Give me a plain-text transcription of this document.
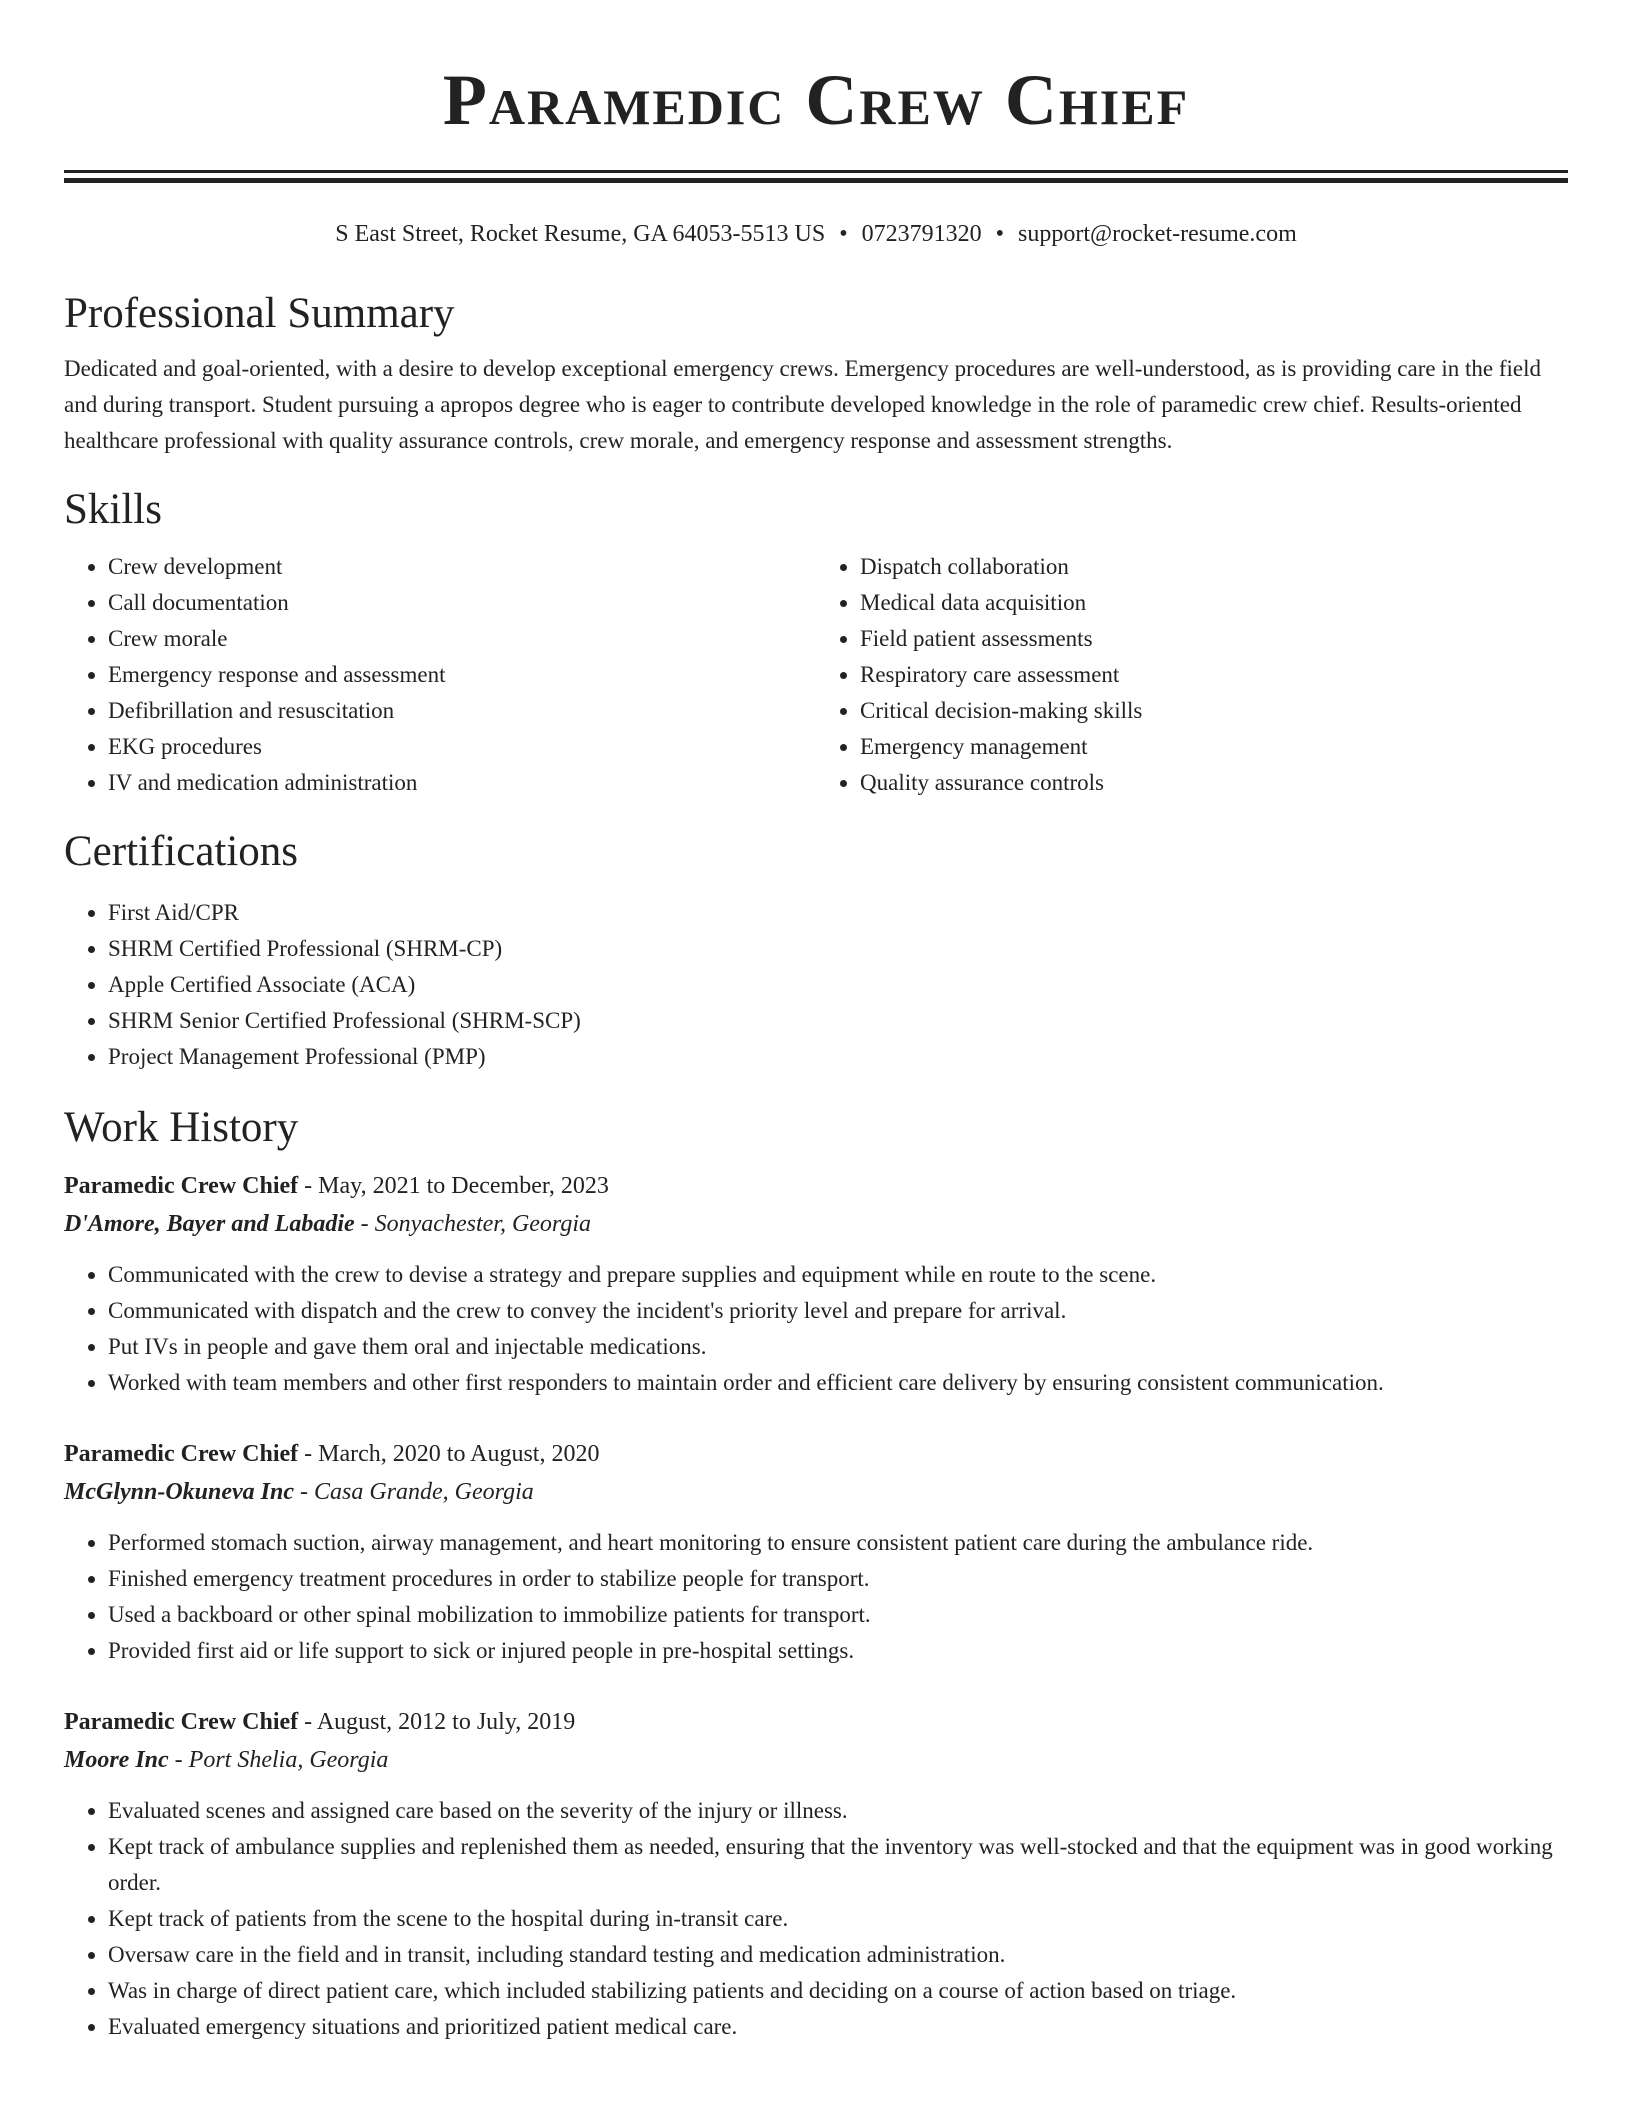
Paramedic Crew Chief
S East Street, Rocket Resume, GA 64053-5513 US • 0723791320 • support@rocket-resume.com
Professional Summary

Dedicated and goal-oriented, with a desire to develop exceptional emergency crews. Emergency procedures are well-understood, as is providing care in the field and during transport. Student pursuing a apropos degree who is eager to contribute developed knowledge in the role of paramedic crew chief. Results-oriented healthcare professional with quality assurance controls, crew morale, and emergency response and assessment strengths.

Skills
• Crew development
• Call documentation
• Crew morale
• Emergency response and assessment
• Defibrillation and resuscitation
• EKG procedures
• IV and medication administration
• Dispatch collaboration
• Medical data acquisition
• Field patient assessments
• Respiratory care assessment
• Critical decision-making skills
• Emergency management
• Quality assurance controls
Certifications
• First Aid/CPR
• SHRM Certified Professional (SHRM-CP)
• Apple Certified Associate (ACA)
• SHRM Senior Certified Professional (SHRM-SCP)
• Project Management Professional (PMP)
Work History
Paramedic Crew Chief - May, 2021 to December, 2023
D'Amore, Bayer and Labadie - Sonyachester, Georgia
• Communicated with the crew to devise a strategy and prepare supplies and equipment while en route to the scene.
• Communicated with dispatch and the crew to convey the incident's priority level and prepare for arrival.
• Put IVs in people and gave them oral and injectable medications.
• Worked with team members and other first responders to maintain order and efficient care delivery by ensuring consistent communication.
Paramedic Crew Chief - March, 2020 to August, 2020
McGlynn-Okuneva Inc - Casa Grande, Georgia
• Performed stomach suction, airway management, and heart monitoring to ensure consistent patient care during the ambulance ride.
• Finished emergency treatment procedures in order to stabilize people for transport.
• Used a backboard or other spinal mobilization to immobilize patients for transport.
• Provided first aid or life support to sick or injured people in pre-hospital settings.
Paramedic Crew Chief - August, 2012 to July, 2019
Moore Inc - Port Shelia, Georgia
• Evaluated scenes and assigned care based on the severity of the injury or illness.
• Kept track of ambulance supplies and replenished them as needed, ensuring that the inventory was well-stocked and that the equipment was in good working order.
• Kept track of patients from the scene to the hospital during in-transit care.
• Oversaw care in the field and in transit, including standard testing and medication administration.
• Was in charge of direct patient care, which included stabilizing patients and deciding on a course of action based on triage.
• Evaluated emergency situations and prioritized patient medical care.
